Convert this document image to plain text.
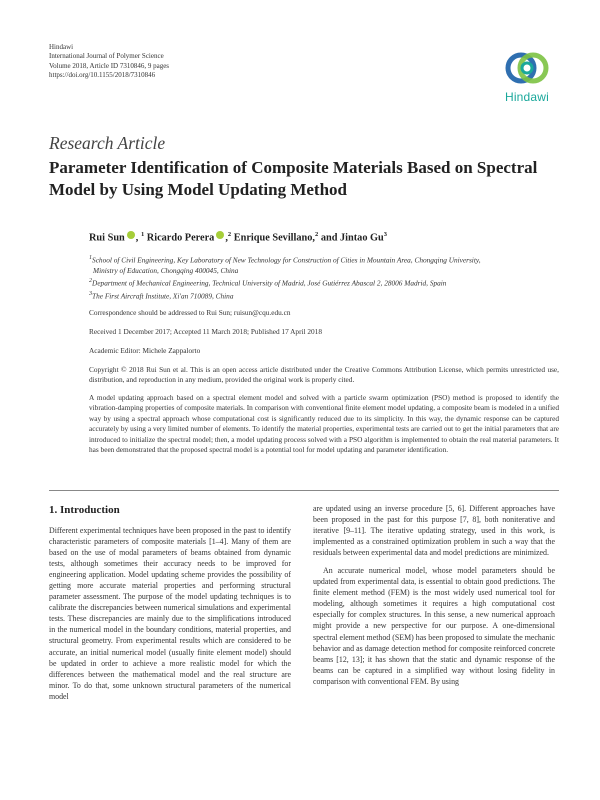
Hindawi
International Journal of Polymer Science
Volume 2018, Article ID 7310846, 9 pages
https://doi.org/10.1155/2018/7310846
Hindawi
Research Article
Parameter Identification of Composite Materials Based on Spectral Model by Using Model Updating Method
Rui Sun , $^1$ Ricardo Perera ,$^2$ Enrique Sevillano,$^2$ and Jintao Gu$^3$

$^1$School of Civil Engineering, Key Laboratory of New Technology for Construction of Cities in Mountain Area, Chongqing University,

Ministry of Education, Chongqing 400045, China

$^2$Department of Mechanical Engineering, Technical University of Madrid, José Gutiérrez Abascal 2, 28006 Madrid, Spain

$^3$The First Aircraft Institute, Xi'an 710089, China

Correspondence should be addressed to Rui Sun; ruisun@cqu.edu.cn
Received 1 December 2017; Accepted 11 March 2018; Published 17 April 2018
Academic Editor: Michele Zappalorto
Copyright © 2018 Rui Sun et al. This is an open access article distributed under the Creative Commons Attribution License, which permits unrestricted use, distribution, and reproduction in any medium, provided the original work is properly cited.
A model updating approach based on a spectral element model and solved with a particle swarm optimization (PSO) method is proposed to identify the vibration-damping properties of composite materials. In comparison with conventional finite element model updating, a composite beam is modeled in a unified way by using a spectral approach whose computational cost is significantly reduced due to its simplicity. In this way, the dynamic response can be captured accurately by using a very limited number of elements. To identify the material properties, experimental tests are carried out to get the initial parameters that are introduced to initialize the spectral model; then, a model updating process solved with a PSO algorithm is implemented to obtain the real material parameters. It has been demonstrated that the proposed spectral model is a potential tool for model updating and parameter identification.
1. Introduction

Different experimental techniques have been proposed in the past to identify characteristic parameters of composite materials [1–4]. Many of them are based on the use of modal parameters of beams obtained from dynamic tests, although sometimes their accuracy needs to be improved for engineering application. Model updating scheme provides the possibility of getting more accurate material properties and performing structural parameter assessment. The purpose of the model updating techniques is to calibrate the discrepancies between numerical simulations and experimental tests. These discrepancies are mainly due to the simplifications introduced in the numerical model in the boundary conditions, material properties, and structural geometry. From experimental results which are considered to be accurate, an initial numerical model (usually finite element model) should be updated in order to achieve a more realistic model for which the differences between the mathematical model and the real structure are minor. To do that, some unknown structural parameters of the numerical model

are updated using an inverse procedure [5, 6]. Different approaches have been proposed in the past for this purpose [7, 8], both noniterative and iterative [9–11]. The iterative updating strategy, used in this work, is implemented as a constrained optimization problem in such a way that the residuals between experimental data and model predictions are minimized.

An accurate numerical model, whose model parameters should be updated from experimental data, is essential to obtain good predictions. The finite element method (FEM) is the most widely used numerical tool for modeling, although sometimes it requires a high computational cost especially for complex structures. In this sense, a new numerical approach might provide a new perspective for our purpose. A one-dimensional spectral element method (SEM) has been proposed to simulate the mechanic behavior and as damage detection method for composite reinforced concrete beams [12, 13]; it has shown that the static and dynamic response of the beams can be captured in a simplified way without losing fidelity in comparison with conventional FEM. By using
